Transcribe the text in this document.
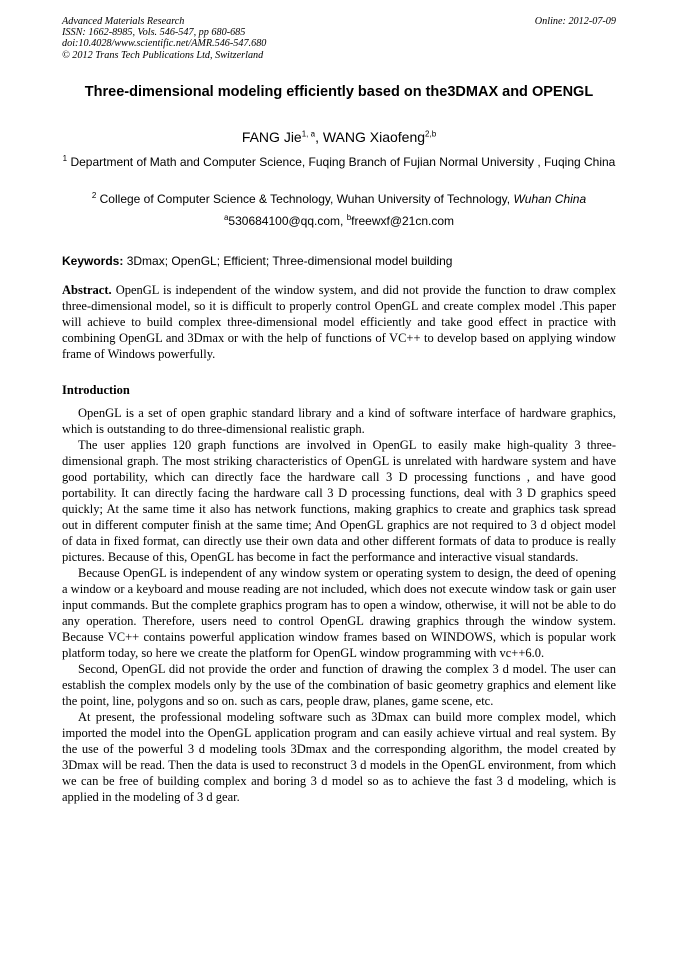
Advanced Materials Research
ISSN: 1662-8985, Vols. 546-547, pp 680-685
doi:10.4028/www.scientific.net/AMR.546-547.680
© 2012 Trans Tech Publications Ltd, Switzerland
Online: 2012-07-09
Three-dimensional modeling efficiently based on the3DMAX and OPENGL
FANG Jie$^{1, a}$, WANG Xiaofeng$^{2,b}$
$^1$ Department of Math and Computer Science, Fuqing Branch of Fujian Normal University , Fuqing China
$^2$ College of Computer Science & Technology, Wuhan University of Technology, Wuhan China
$^a$530684100@qq.com, $^b$freewxf@21cn.com
Keywords: 3Dmax; OpenGL; Efficient; Three-dimensional model building
Abstract. OpenGL is independent of the window system, and did not provide the function to draw complex three-dimensional model, so it is difficult to properly control OpenGL and create complex model .This paper will achieve to build complex three-dimensional model efficiently and take good effect in practice with combining OpenGL and 3Dmax or with the help of functions of VC++ to develop based on applying window frame of Windows powerfully.
Introduction

OpenGL is a set of open graphic standard library and a kind of software interface of hardware graphics, which is outstanding to do three-dimensional realistic graph.

The user applies 120 graph functions are involved in OpenGL to easily make high-quality 3 three-dimensional graph. The most striking characteristics of OpenGL is unrelated with hardware system and have good portability, which can directly face the hardware call 3 D processing functions , and have good portability. It can directly facing the hardware call 3 D processing functions, deal with 3 D graphics speed quickly; At the same time it also has network functions, making graphics to create and graphics task spread out in different computer finish at the same time; And OpenGL graphics are not required to 3 d object model of data in fixed format, can directly use their own data and other different formats of data to produce is really pictures. Because of this, OpenGL has become in fact the performance and interactive visual standards.

Because OpenGL is independent of any window system or operating system to design, the deed of opening a window or a keyboard and mouse reading are not included, which does not execute window task or gain user input commands. But the complete graphics program has to open a window, otherwise, it will not be able to do any operation. Therefore, users need to control OpenGL drawing graphics through the window system. Because VC++ contains powerful application window frames based on WINDOWS, which is popular work platform today, so here we create the platform for OpenGL window programming with vc++6.0.

Second, OpenGL did not provide the order and function of drawing the complex 3 d model. The user can establish the complex models only by the use of the combination of basic geometry graphics and element like the point, line, polygons and so on. such as cars, people draw, planes, game scene, etc.

At present, the professional modeling software such as 3Dmax can build more complex model, which imported the model into the OpenGL application program and can easily achieve virtual and real system. By the use of the powerful 3 d modeling tools 3Dmax and the corresponding algorithm, the model created by 3Dmax will be read. Then the data is used to reconstruct 3 d models in the OpenGL environment, from which we can be free of building complex and boring 3 d model so as to achieve the fast 3 d modeling, which is applied in the modeling of 3 d gear.
